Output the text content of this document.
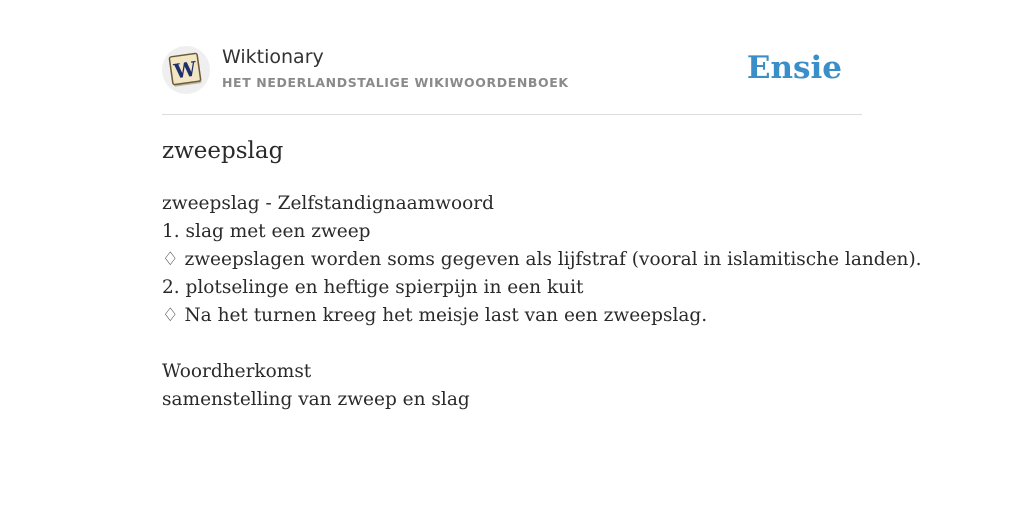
W Wiktionary
HET NEDERLANDSTALIGE WIKIWOORDENBOEK	Ensie
zweepslag
zweepslag - Zelfstandignaamwoord
1. slag met een zweep
♢ zweepslagen worden soms gegeven als lijfstraf (vooral in islamitische landen).
2. plotselinge en heftige spierpijn in een kuit
♢ Na het turnen kreeg het meisje last van een zweepslag.
Woordherkomst
samenstelling van zweep en slag
